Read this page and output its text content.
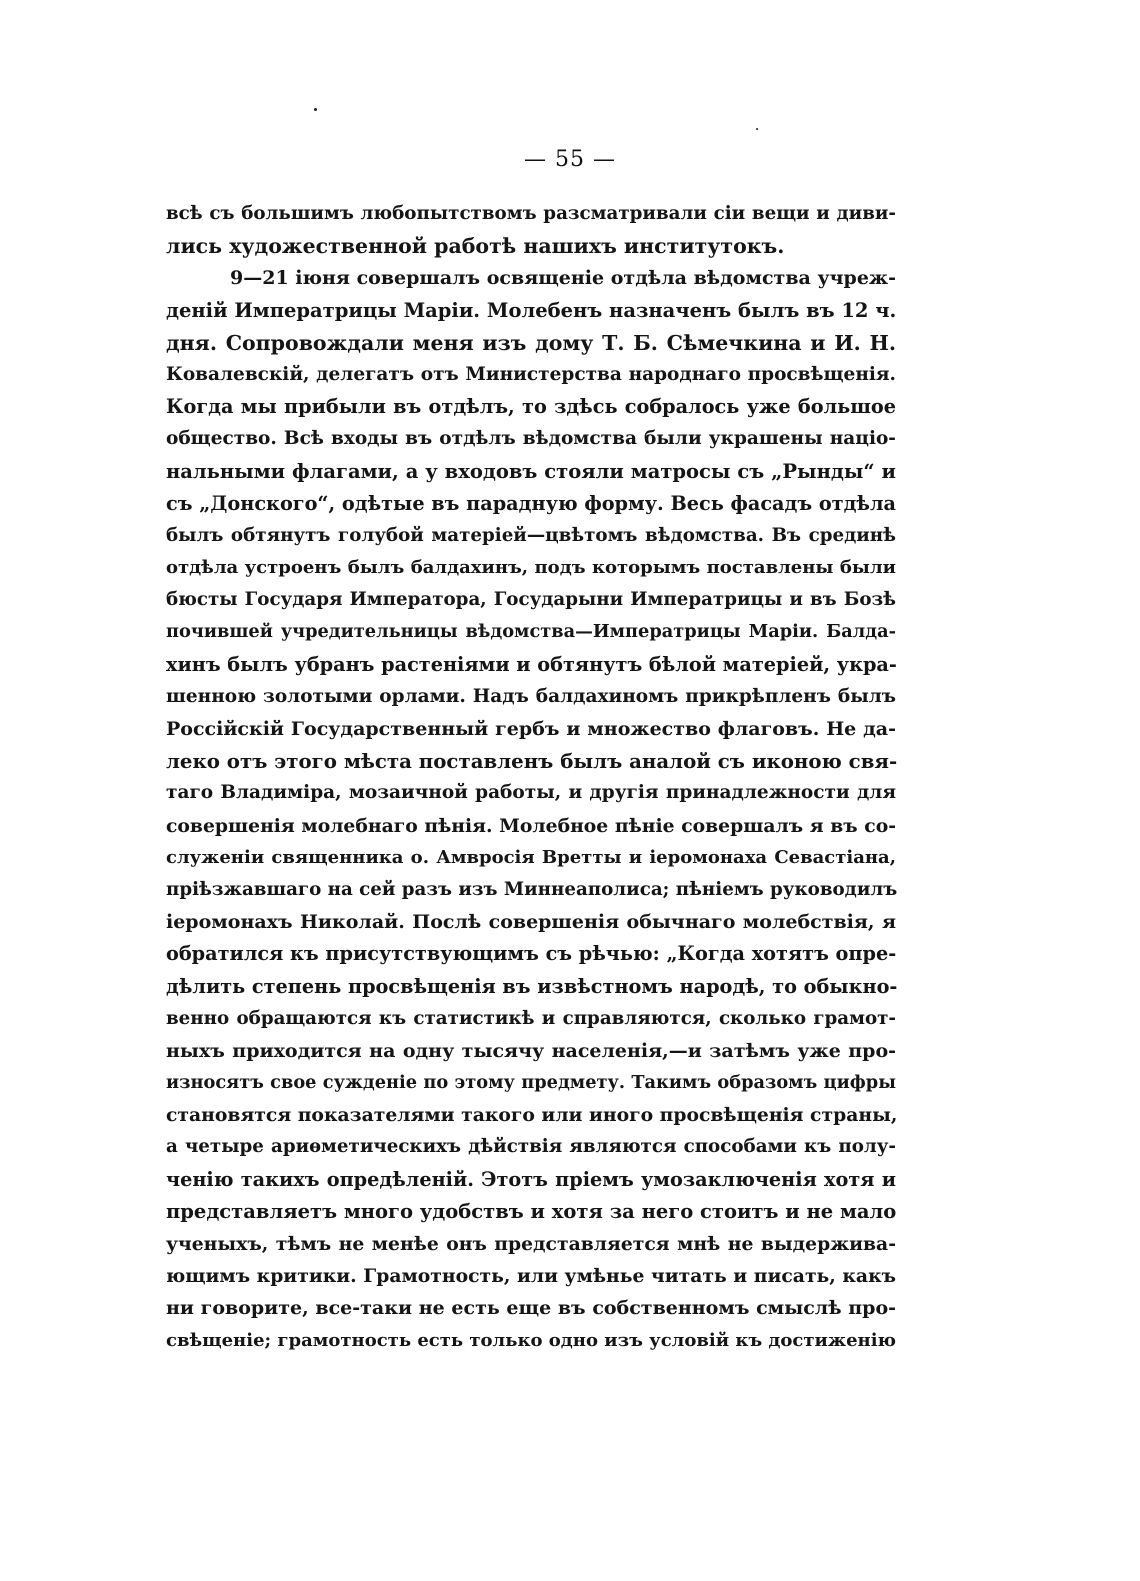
— 55 —
всѣ съ большимъ любопытствомъ разсматривали сіи вещи и диви-
лись художественной работѣ нашихъ институтокъ.
9—21 іюня совершалъ освященіе отдѣла вѣдомства учреж-
деній Императрицы Маріи. Молебенъ назначенъ былъ въ 12 ч.
дня. Сопровождали меня изъ дому Т. Б. Сѣмечкина и И. Н.
Ковалевскій, делегатъ отъ Министерства народнаго просвѣщенія.
Когда мы прибыли въ отдѣлъ, то здѣсь собралось уже большое
общество. Всѣ входы въ отдѣлъ вѣдомства были украшены націо-
нальными флагами, а у входовъ стояли матросы съ „Рынды“ и
съ „Донского“, одѣтые въ парадную форму. Весь фасадъ отдѣла
былъ обтянутъ голубой матеріей—цвѣтомъ вѣдомства. Въ срединѣ
отдѣла устроенъ былъ балдахинъ, подъ которымъ поставлены были
бюсты Государя Императора, Государыни Императрицы и въ Бозѣ
почившей учредительницы вѣдомства—Императрицы Маріи. Балда-
хинъ былъ убранъ растеніями и обтянутъ бѣлой матеріей, укра-
шенною золотыми орлами. Надъ балдахиномъ прикрѣпленъ былъ
Россійскій Государственный гербъ и множество флаговъ. Не да-
леко отъ этого мѣста поставленъ былъ аналой съ иконою свя-
таго Владиміра, мозаичной работы, и другія принадлежности для
совершенія молебнаго пѣнія. Молебное пѣніе совершалъ я въ со-
служеніи священника о. Амвросія Вретты и іеромонаха Севастіана,
пріѣзжавшаго на сей разъ изъ Миннеаполиса; пѣніемъ руководилъ
іеромонахъ Николай. Послѣ совершенія обычнаго молебствія, я
обратился къ присутствующимъ съ рѣчью: „Когда хотятъ опре-
дѣлить степень просвѣщенія въ извѣстномъ народѣ, то обыкно-
венно обращаются къ статистикѣ и справляются, сколько грамот-
ныхъ приходится на одну тысячу населенія,—и затѣмъ уже про-
износятъ свое сужденіе по этому предмету. Такимъ образомъ цифры
становятся показателями такого или иного просвѣщенія страны,
а четыре ариѳметическихъ дѣйствія являются способами къ полу-
ченію такихъ опредѣленій. Этотъ пріемъ умозаключенія хотя и
представляетъ много удобствъ и хотя за него стоитъ и не мало
ученыхъ, тѣмъ не менѣе онъ представляется мнѣ не выдержива-
ющимъ критики. Грамотность, или умѣнье читать и писать, какъ
ни говорите, все-таки не есть еще въ собственномъ смыслѣ про-
свѣщеніе; грамотность есть только одно изъ условій къ достиженію
